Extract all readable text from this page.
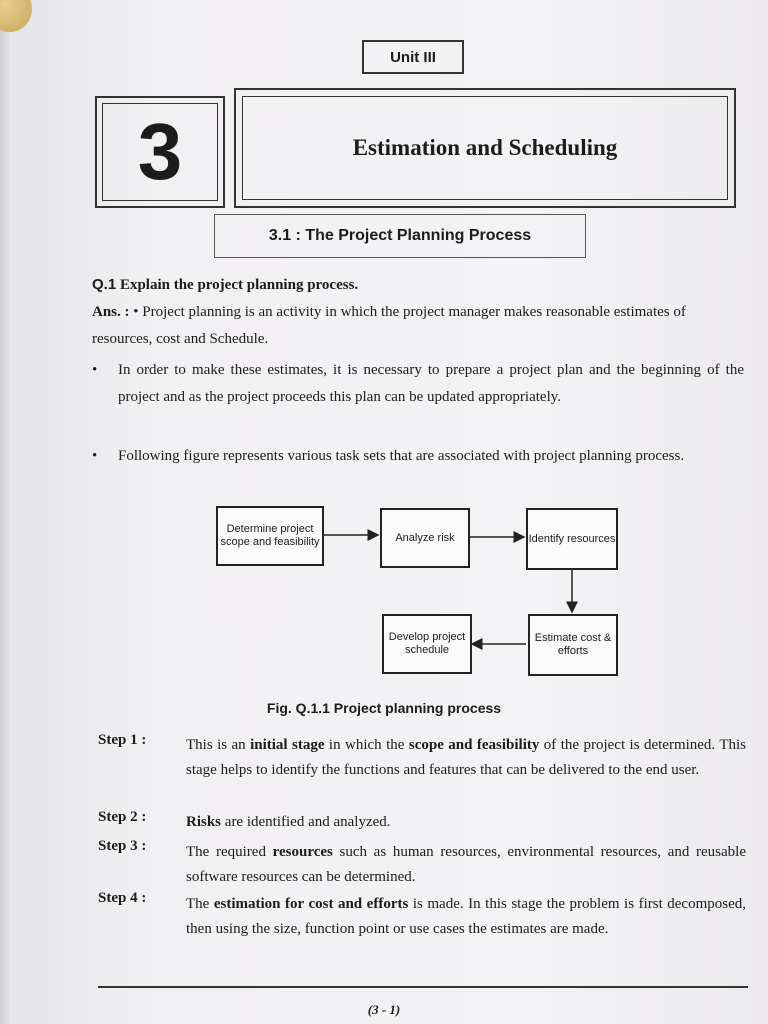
Unit III
3	Estimation and Scheduling
3.1 : The Project Planning Process
Q.1 Explain the project planning process.
Ans. : • Project planning is an activity in which the project manager makes reasonable estimates of resources, cost and Schedule.
• In order to make these estimates, it is necessary to prepare a project plan and the beginning of the project and as the project proceeds this plan can be updated appropriately.
• Following figure represents various task sets that are associated with project planning process.
Determine project scope and feasibility	Analyze risk	Identify resources
Develop project schedule
Estimate cost & efforts
Fig. Q.1.1 Project planning process
Step 1 :	This is an initial stage in which the scope and feasibility of the project is determined. This stage helps to identify the functions and features that can be delivered to the end user.
Step 2 :	Risks are identified and analyzed.
Step 3 :	The required resources such as human resources, environmental resources, and reusable software resources can be determined.
Step 4 :	The estimation for cost and efforts is made. In this stage the problem is first decomposed, then using the size, function point or use cases the estimates are made.
(3 - 1)
